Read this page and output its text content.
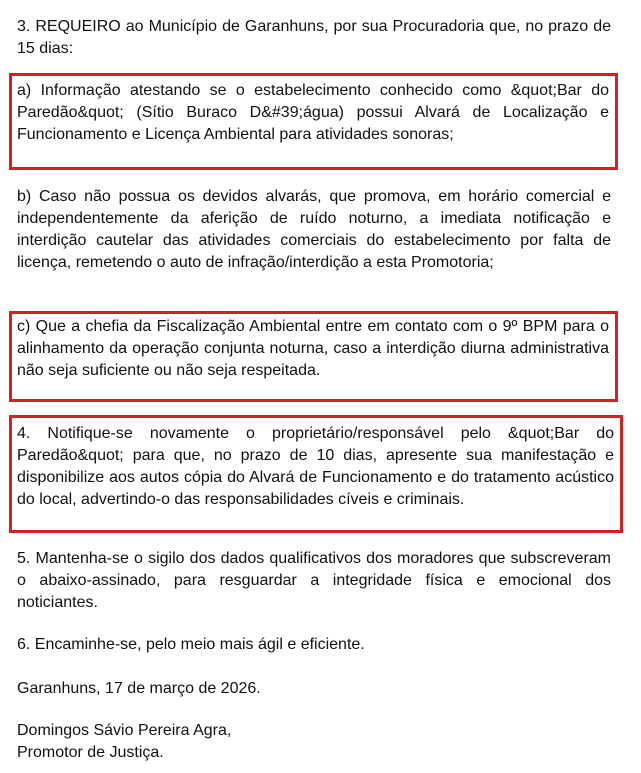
3. REQUEIRO ao Município de Garanhuns, por sua Procuradoria que, no prazo de 15 dias:

a) Informação atestando se o estabelecimento conhecido como &quot;Bar do Paredão&quot; (Sítio Buraco D&#39;água) possui Alvará de Localização e Funcionamento e Licença Ambiental para atividades sonoras;

b) Caso não possua os devidos alvarás, que promova, em horário comercial e independentemente da aferição de ruído noturno, a imediata notificação e interdição cautelar das atividades comerciais do estabelecimento por falta de licença, remetendo o auto de infração/interdição a esta Promotoria;

c) Que a chefia da Fiscalização Ambiental entre em contato com o 9º BPM para o alinhamento da operação conjunta noturna, caso a interdição diurna administrativa não seja suficiente ou não seja respeitada.

4. Notifique-se novamente o proprietário/responsável pelo &quot;Bar do Paredão&quot; para que, no prazo de 10 dias, apresente sua manifestação e disponibilize aos autos cópia do Alvará de Funcionamento e do tratamento acústico do local, advertindo-o das responsabilidades cíveis e criminais.

5. Mantenha-se o sigilo dos dados qualificativos dos moradores que subscreveram o abaixo-assinado, para resguardar a integridade física e emocional dos noticiantes.

6. Encaminhe-se, pelo meio mais ágil e eficiente.

Garanhuns, 17 de março de 2026.

Domingos Sávio Pereira Agra,

Promotor de Justiça.
